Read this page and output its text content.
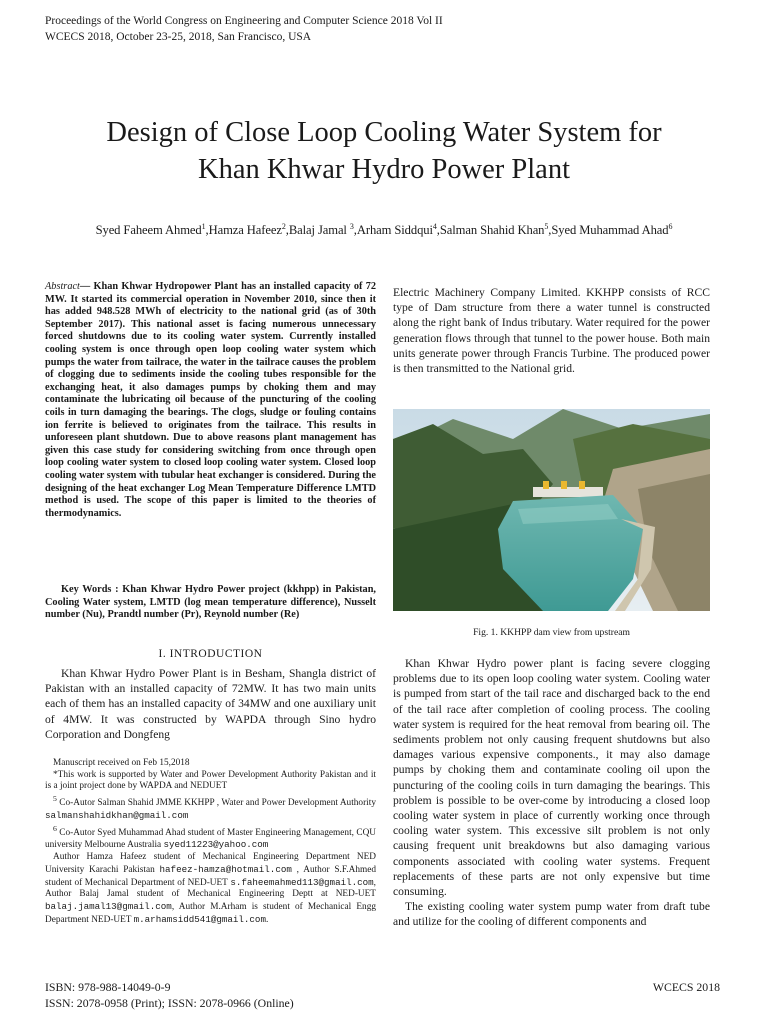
Proceedings of the World Congress on Engineering and Computer Science 2018 Vol II
WCECS 2018, October 23-25, 2018, San Francisco, USA
Design of Close Loop Cooling Water System for
Khan Khwar Hydro Power Plant
Syed Faheem Ahmed$^1$,Hamza Hafeez$^2$,Balaj Jamal $^3$,Arham Siddqui$^4$,Salman Shahid Khan$^5$,Syed Muhammad Ahad$^6$
Abstract— Khan Khwar Hydropower Plant has an installed capacity of 72 MW. It started its commercial operation in November 2010, since then it has added 948.528 MWh of electricity to the national grid (as of 30th September 2017). This national asset is facing numerous unnecessary forced shutdowns due to its cooling water system. Currently installed cooling system is once through open loop cooling water system which pumps the water from tailrace, the water in the tailrace causes the problem of clogging due to sediments inside the cooling tubes responsible for the exchanging heat, it also damages pumps by choking them and may contaminate the lubricating oil because of the puncturing of the cooling coils in turn damaging the bearings. The clogs, sludge or fouling contains ion ferrite is believed to originates from the tailrace. This results in unforeseen plant shutdown. Due to above reasons plant management has given this case study for considering switching from once through open loop cooling water system to closed loop cooling water system. Closed loop cooling water system with tubular heat exchanger is considered. During the designing of the heat exchanger Log Mean Temperature Difference LMTD method is used. The scope of this paper is limited to the theories of thermodynamics.

Key Words : Khan Khwar Hydro Power project (kkhpp) in Pakistan, Cooling Water system, LMTD (log mean temperature difference), Nusselt number (Nu), Prandtl number (Pr), Reynold number (Re)

I. INTRODUCTION

Khan Khwar Hydro Power Plant is in Besham, Shangla district of Pakistan with an installed capacity of 72MW. It has two main units each of them has an installed capacity of 34MW and one auxiliary unit of 4MW. It was constructed by WAPDA through Sino hydro Corporation and Dongfeng

Manuscript received on Feb 15,2018

*This work is supported by Water and Power Development Authority Pakistan and it is a joint project done by WAPDA and NEDUET

$^5$ Co-Autor Salman Shahid JMME KKHPP , Water and Power Development Authority salmanshahidkhan@gmail.com

$^6$ Co-Autor Syed Muhammad Ahad student of Master Engineering Management, CQU university Melbourne Australia syed11223@yahoo.com

Author Hamza Hafeez student of Mechanical Engineering Department NED University Karachi Pakistan hafeez-hamza@hotmail.com , Author S.F.Ahmed student of Mechanical Department of NED-UET s.faheemahmed113@gmail.com, Author Balaj Jamal student of Mechanical Engineering Deptt at NED-UET balaj.jamal13@gmail.com, Author M.Arham is student of Mechanical Engg Department NED-UET m.arhamsidd541@gmail.com.

Electric Machinery Company Limited. KKHPP consists of RCC type of Dam structure from there a water tunnel is constructed along the right bank of Indus tributary. Water required for the power generation flows through that tunnel to the power house. Both main units generate power through Francis Turbine. The produced power is then transmitted to the National grid.

Fig. 1. KKHPP dam view from upstream

Khan Khwar Hydro power plant is facing severe clogging problems due to its open loop cooling water system. Cooling water is pumped from start of the tail race and discharged back to the end of the tail race after completion of cooling process. The cooling water system is required for the heat removal from bearing oil. The sediments problem not only causing frequent shutdowns but also damages various expensive components., it may also damage pumps by choking them and contaminate cooling oil upon the puncturing of the cooling coils in turn damaging the bearings. This problem is possible to be over-come by introducing a closed loop cooling water system in place of currently working once through cooling water system. This excessive silt problem is not only causing frequent unit breakdowns but also damaging various components associated with cooling water systems. Frequent replacements of these parts are not only expensive but time consuming.

The existing cooling water system pump water from draft tube and utilize for the cooling of different components and

ISBN: 978-988-14049-0-9
ISSN: 2078-0958 (Print); ISSN: 2078-0966 (Online)
WCECS 2018
